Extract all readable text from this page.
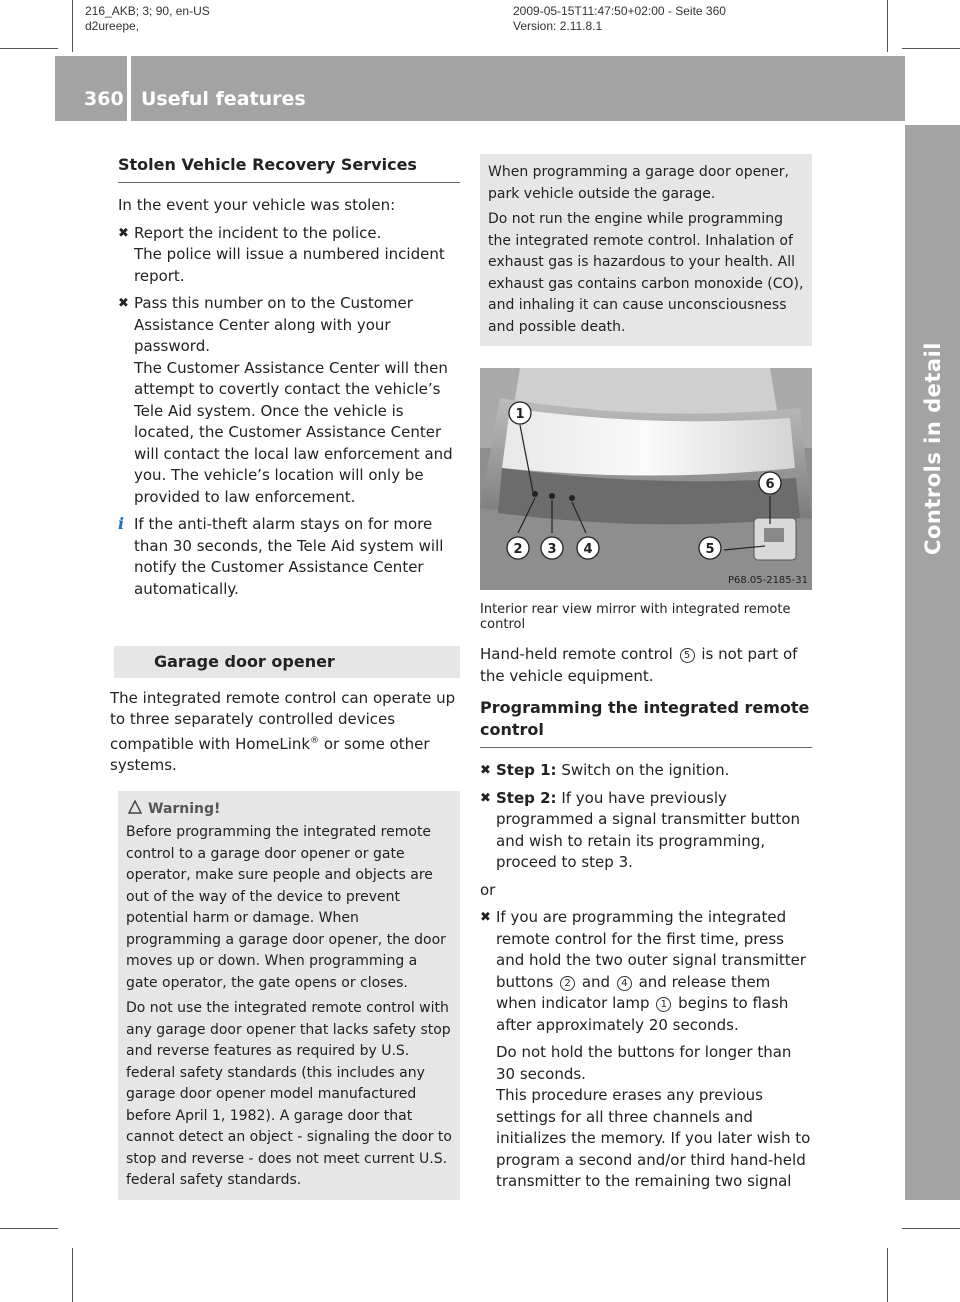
216_AKB; 3; 90, en-US
d2ureepe,
2009-05-15T11:47:50+02:00 - Seite 360
Version: 2.11.8.1
360 Useful features
Controls in detail
Stolen Vehicle Recovery Services

In the event your vehicle was stolen:

✖ Report the incident to the police.
The police will issue a numbered incident report.
✖ Pass this number on to the Customer Assistance Center along with your password.
The Customer Assistance Center will then attempt to covertly contact the vehicle’s Tele Aid system. Once the vehicle is located, the Customer Assistance Center will contact the local law enforcement and you. The vehicle’s location will only be provided to law enforcement.
i If the anti-theft alarm stays on for more than 30 seconds, the Tele Aid system will notify the Customer Assistance Center automatically.
Garage door opener

The integrated remote control can operate up to three separately controlled devices compatible with HomeLink® or some other systems.

Warning!

Before programming the integrated remote control to a garage door opener or gate operator, make sure people and objects are out of the way of the device to prevent potential harm or damage. When programming a garage door opener, the door moves up or down. When programming a gate operator, the gate opens or closes.

Do not use the integrated remote control with any garage door opener that lacks safety stop and reverse features as required by U.S. federal safety standards (this includes any garage door opener model manufactured before April 1, 1982). A garage door that cannot detect an object - signaling the door to stop and reverse - does not meet current U.S. federal safety standards.

When programming a garage door opener, park vehicle outside the garage.

Do not run the engine while programming the integrated remote control. Inhalation of exhaust gas is hazardous to your health. All exhaust gas contains carbon monoxide (CO), and inhaling it can cause unconsciousness and possible death.

1
2 3 4	5
6
P68.05-2185-31
Interior rear view mirror with integrated remote control

Hand-held remote control 5 is not part of the vehicle equipment.

Programming the integrated remote control
✖ Step 1: Switch on the ignition.
✖ Step 2: If you have previously programmed a signal transmitter button and wish to retain its programming, proceed to step 3.

or

✖ If you are programming the integrated remote control for the first time, press and hold the two outer signal transmitter buttons 2 and 4 and release them when indicator lamp 1 begins to flash after approximately 20 seconds.
Do not hold the buttons for longer than 30 seconds.
This procedure erases any previous settings for all three channels and initializes the memory. If you later wish to program a second and/or third hand-held transmitter to the remaining two signal
